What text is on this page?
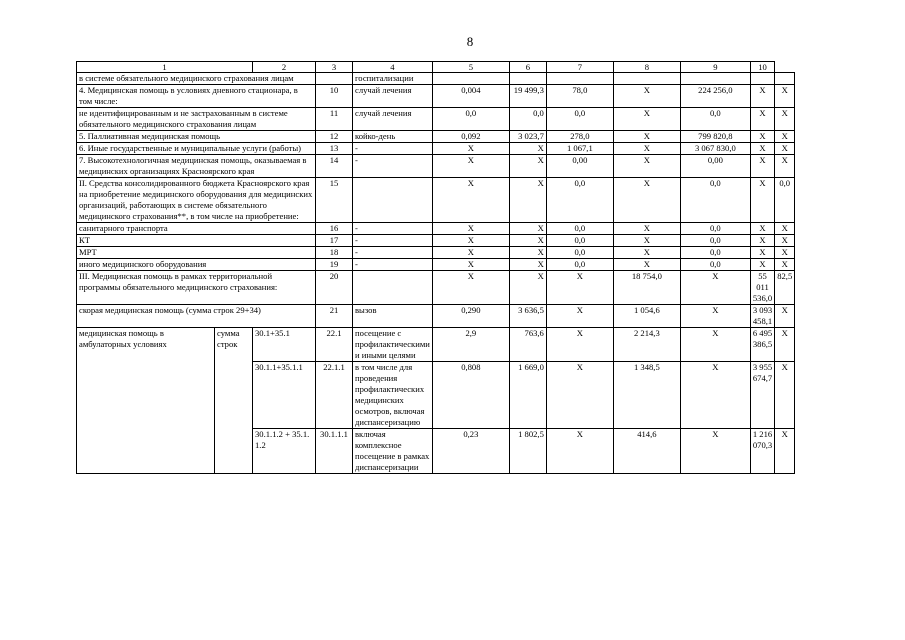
8
1		2	3	4	5	6	7	8	9	10	
в системе обязательного медицинского страхования лицам				госпитализации							
4. Медицинская помощь в условиях дневного стационара, в том числе:			10	случай лечения	0,004	19 499,3	78,0	Х	224 256,0	Х	Х
не идентифицированным и не застрахованным в системе обязательного медицинского страхования лицам			11	случай лечения	0,0	0,0	0,0	Х	0,0	Х	Х
5. Паллиативная медицинская помощь			12	койко-день	0,092	3 023,7	278,0	Х	799 820,8	Х	Х
6. Иные государственные и муниципальные услуги (работы)			13	-	Х	Х	1 067,1	Х	3 067 830,0	Х	Х
7. Высокотехнологичная медицинская помощь, оказываемая в медицинских организациях Красноярского края			14	-	Х	Х	0,00	Х	0,00	Х	Х
II. Средства консолидированного бюджета Красноярского края на приобретение медицинского оборудования для медицинских организаций, работающих в системе обязательного медицинского страхования**, в том числе на приобретение:			15		Х	Х	0,0	Х	0,0	Х	0,0
санитарного транспорта			16	-	Х	Х	0,0	Х	0,0	Х	Х
КТ			17	-	Х	Х	0,0	Х	0,0	Х	Х
МРТ			18	-	Х	Х	0,0	Х	0,0	Х	Х
иного медицинского оборудования			19	-	Х	Х	0,0	Х	0,0	Х	Х
III. Медицинская помощь в рамках территориальной программы обязательного медицинского страхования:			20		Х	Х	Х	18 754,0	Х	55 011 536,0	82,5
скорая медицинская помощь (сумма строк 29+34)			21	вызов	0,290	3 636,5	Х	1 054,6	Х	3 093 458,1	Х
медицинская помощь в амбулаторных условиях	сумма строк	30.1+35.1	22.1	посещение с профилактическими и иными целями	2,9	763,6	Х	2 214,3	Х	6 495 386,5	Х
		30.1.1+35.1.1	22.1.1	в том числе для проведения профилактических медицинских осмотров, включая диспансеризацию	0,808	1 669,0	Х	1 348,5	Х	3 955 674,7	Х
		30.1.1.2 + 35.1.1.2	30.1.1.1	включая комплексное посещение в рамках диспансеризации	0,23	1 802,5	Х	414,6	Х	1 216 070,3	Х
